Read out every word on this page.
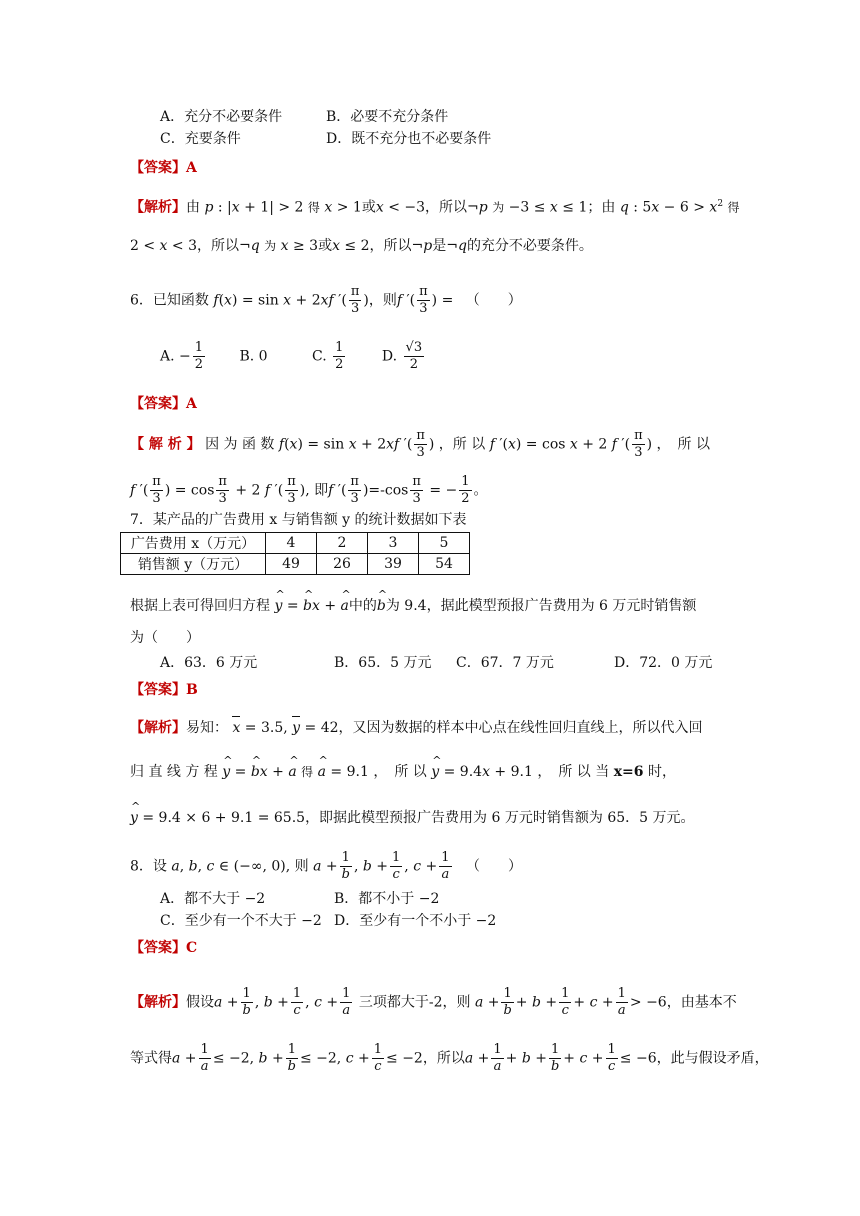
A．充分不必要条件	B．必要不充分条件
C．充要条件	D．既不充分也不必要条件
【答案】A
【解析】由 p : |x + 1| > 2 得 x > 1或x < −3，所以¬p 为 −3 ≤ x ≤ 1；由 q : $5x - 6 > x^2$ 得
2 < x < 3，所以¬q 为 x ≥ 3或x ≤ 2，所以¬p是¬q的充分不必要条件。
6．已知函数 f(x) = sin x + 2xf ′( $\frac{\pi}{3}$ )，则f ′( $\frac{\pi}{3}$ ) = （　　）
A. − $\frac{1}{2} B$. 0	C. $\frac{1}{2}$	D. $\frac{√3}{2}$
【答案】A
【 解 析 】 因 为 函 数 f(x) = sin x + 2xf ′( $\frac{\pi}{3}$ ) ，所 以 f ′(x) = cos x + 2 f ′( $\frac{\pi}{3}$ ) ，　所 以
f ′( $\frac{\pi}{3}$ ) = $\cos \frac{\pi}{3} + 2$ f ′( $\frac{\pi}{3}$ ), 即f ′( $\frac{\pi}{3} )=-\cos \frac{\pi}{3}$ = − $\frac{1}{2}$ 。
7．某产品的广告费用 x 与销售额 y 的统计数据如下表
广告费用 x（万元）	4	2	3	5
销售额 y（万元）	49	26	39	54
根据上表可得回归方程 ^ y = ^ bx + ^ a中的^ b为 9.4，据此模型预报广告费用为 6 万元时销售额
为（　　）
A．63．6 万元	B．65．5 万元 C．67．7 万元	D．72．0 万元
【答案】B
【解析】易知： x = 3.5, y = 42，又因为数据的样本中心点在线性回归直线上，所以代入回
归 直 线 方 程 ^ y = ^ bx + ^ a 得 ^ a = 9.1 ，　所 以 ^ y = 9.4x + 9.1 ，　所 以 当 x=6 时，
^ y = 9.4 × 6 + 9.1 = 65.5，即据此模型预报广告费用为 6 万元时销售额为 65．5 万元。
8．设 a, b, c ∈ (−∞, 0), 则 $a + \frac{1}{b}$ , $b + \frac{1}{c}$ , $c + \frac{1}{a}$ （　　）
A．都不大于 −2	B．都不小于 −2
C．至少有一个不大于 −2 D．至少有一个不小于 −2
【答案】C
【解析】假设$a + \frac{1}{b}$ , $b + \frac{1}{c}$ , $c + \frac{1}{a}$ 三项都大于-2，则 $a + \frac{1}{b} + b + \frac{1}{c} + c + \frac{1}{a} > -6$，由基本不
等式得$a + \frac{1}{a} \le -2$, $b + \frac{1}{b} \le -2$, $c + \frac{1}{c} \le -2$，所以$a + \frac{1}{a} + b + \frac{1}{b} + c + \frac{1}{c} \le -6$，此与假设矛盾，
